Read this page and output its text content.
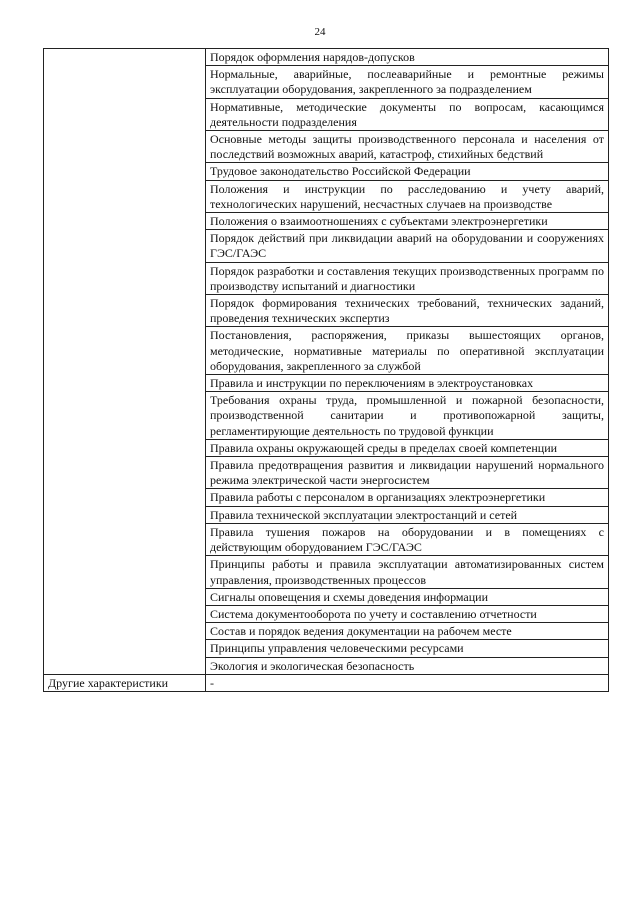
24
	Порядок оформления нарядов-допусков
	Нормальные, аварийные, послеаварийные и ремонтные режимы эксплуатации оборудования, закрепленного за подразделением
	Нормативные, методические документы по вопросам, касающимся деятельности подразделения
	Основные методы защиты производственного персонала и населения от последствий возможных аварий, катастроф, стихийных бедствий
	Трудовое законодательство Российской Федерации
	Положения и инструкции по расследованию и учету аварий, технологических нарушений, несчастных случаев на производстве
	Положения о взаимоотношениях с субъектами электроэнергетики
	Порядок действий при ликвидации аварий на оборудовании и сооружениях ГЭС/ГАЭС
	Порядок разработки и составления текущих производственных программ по производству испытаний и диагностики
	Порядок формирования технических требований, технических заданий, проведения технических экспертиз
	Постановления, распоряжения, приказы вышестоящих органов, методические, нормативные материалы по оперативной эксплуатации оборудования, закрепленного за службой
	Правила и инструкции по переключениям в электроустановках
	Требования охраны труда, промышленной и пожарной безопасности, производственной санитарии и противопожарной защиты, регламентирующие деятельность по трудовой функции
	Правила охраны окружающей среды в пределах своей компетенции
	Правила предотвращения развития и ликвидации нарушений нормального режима электрической части энергосистем
	Правила работы с персоналом в организациях электроэнергетики
	Правила технической эксплуатации электростанций и сетей
	Правила тушения пожаров на оборудовании и в помещениях с действующим оборудованием ГЭС/ГАЭС
	Принципы работы и правила эксплуатации автоматизированных систем управления, производственных процессов
	Сигналы оповещения и схемы доведения информации
	Система документооборота по учету и составлению отчетности
	Состав и порядок ведения документации на рабочем месте
	Принципы управления человеческими ресурсами
	Экология и экологическая безопасность
Другие характеристики	-
